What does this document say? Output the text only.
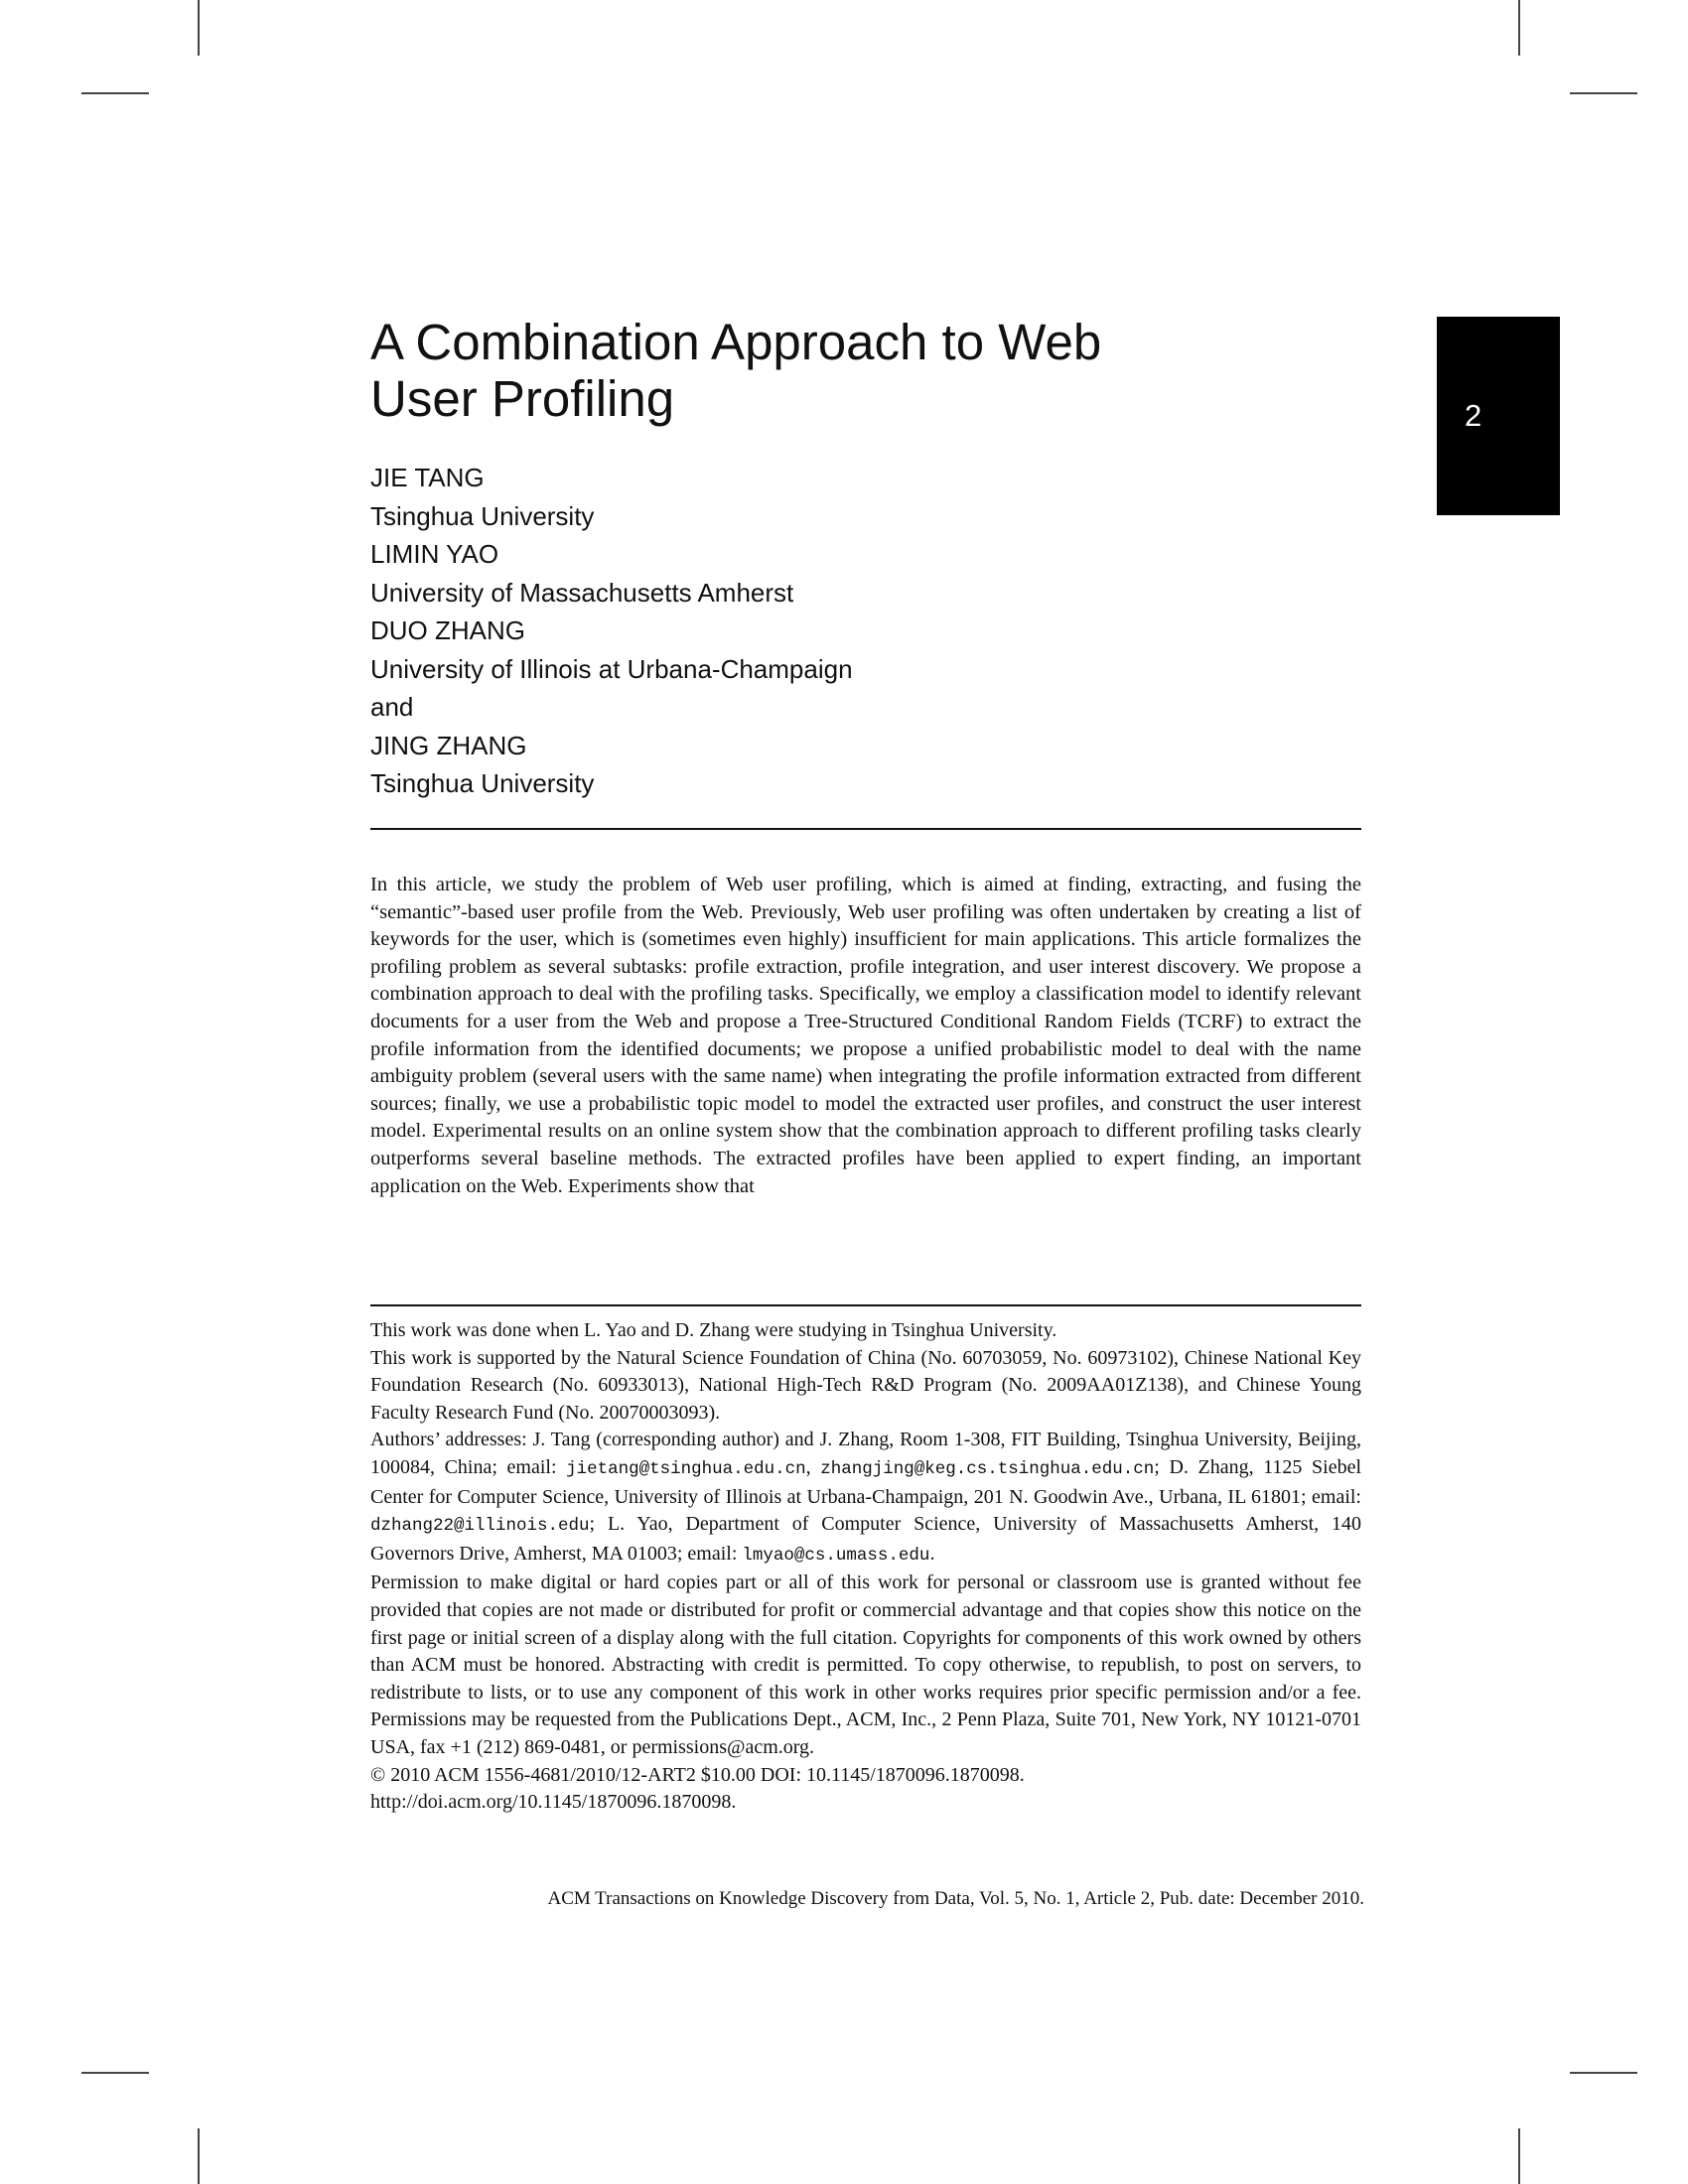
2
A Combination Approach to Web
User Profiling
JIE TANG
Tsinghua University
LIMIN YAO
University of Massachusetts Amherst
DUO ZHANG
University of Illinois at Urbana-Champaign
and
JING ZHANG
Tsinghua University

In this article, we study the problem of Web user profiling, which is aimed at finding, extracting, and fusing the “semantic”-based user profile from the Web. Previously, Web user profiling was often undertaken by creating a list of keywords for the user, which is (sometimes even highly) insufficient for main applications. This article formalizes the profiling problem as several subtasks: profile extraction, profile integration, and user interest discovery. We propose a combination approach to deal with the profiling tasks. Specifically, we employ a classification model to identify relevant documents for a user from the Web and propose a Tree-Structured Conditional Random Fields (TCRF) to extract the profile information from the identified documents; we propose a unified probabilistic model to deal with the name ambiguity problem (several users with the same name) when integrating the profile information extracted from different sources; finally, we use a probabilistic topic model to model the extracted user profiles, and construct the user interest model. Experimental results on an online system show that the combination approach to different profiling tasks clearly outperforms several baseline methods. The extracted profiles have been applied to expert finding, an important application on the Web. Experiments show that

This work was done when L. Yao and D. Zhang were studying in Tsinghua University.

This work is supported by the Natural Science Foundation of China (No. 60703059, No. 60973102), Chinese National Key Foundation Research (No. 60933013), National High-Tech R&D Program (No. 2009AA01Z138), and Chinese Young Faculty Research Fund (No. 20070003093).

Authors’ addresses: J. Tang (corresponding author) and J. Zhang, Room 1-308, FIT Building, Tsinghua University, Beijing, 100084, China; email: jietang@tsinghua.edu.cn, zhangjing@keg.cs.tsinghua.edu.cn; D. Zhang, 1125 Siebel Center for Computer Science, University of Illinois at Urbana-Champaign, 201 N. Goodwin Ave., Urbana, IL 61801; email: dzhang22@illinois.edu; L. Yao, Department of Computer Science, University of Massachusetts Amherst, 140 Governors Drive, Amherst, MA 01003; email: lmyao@cs.umass.edu.

Permission to make digital or hard copies part or all of this work for personal or classroom use is granted without fee provided that copies are not made or distributed for profit or commercial advantage and that copies show this notice on the first page or initial screen of a display along with the full citation. Copyrights for components of this work owned by others than ACM must be honored. Abstracting with credit is permitted. To copy otherwise, to republish, to post on servers, to redistribute to lists, or to use any component of this work in other works requires prior specific permission and/or a fee. Permissions may be requested from the Publications Dept., ACM, Inc., 2 Penn Plaza, Suite 701, New York, NY 10121-0701 USA, fax +1 (212) 869-0481, or permissions@acm.org.

© 2010 ACM 1556-4681/2010/12-ART2 $10.00 DOI: 10.1145/1870096.1870098.

http://doi.acm.org/10.1145/1870096.1870098.

ACM Transactions on Knowledge Discovery from Data, Vol. 5, No. 1, Article 2, Pub. date: December 2010.
